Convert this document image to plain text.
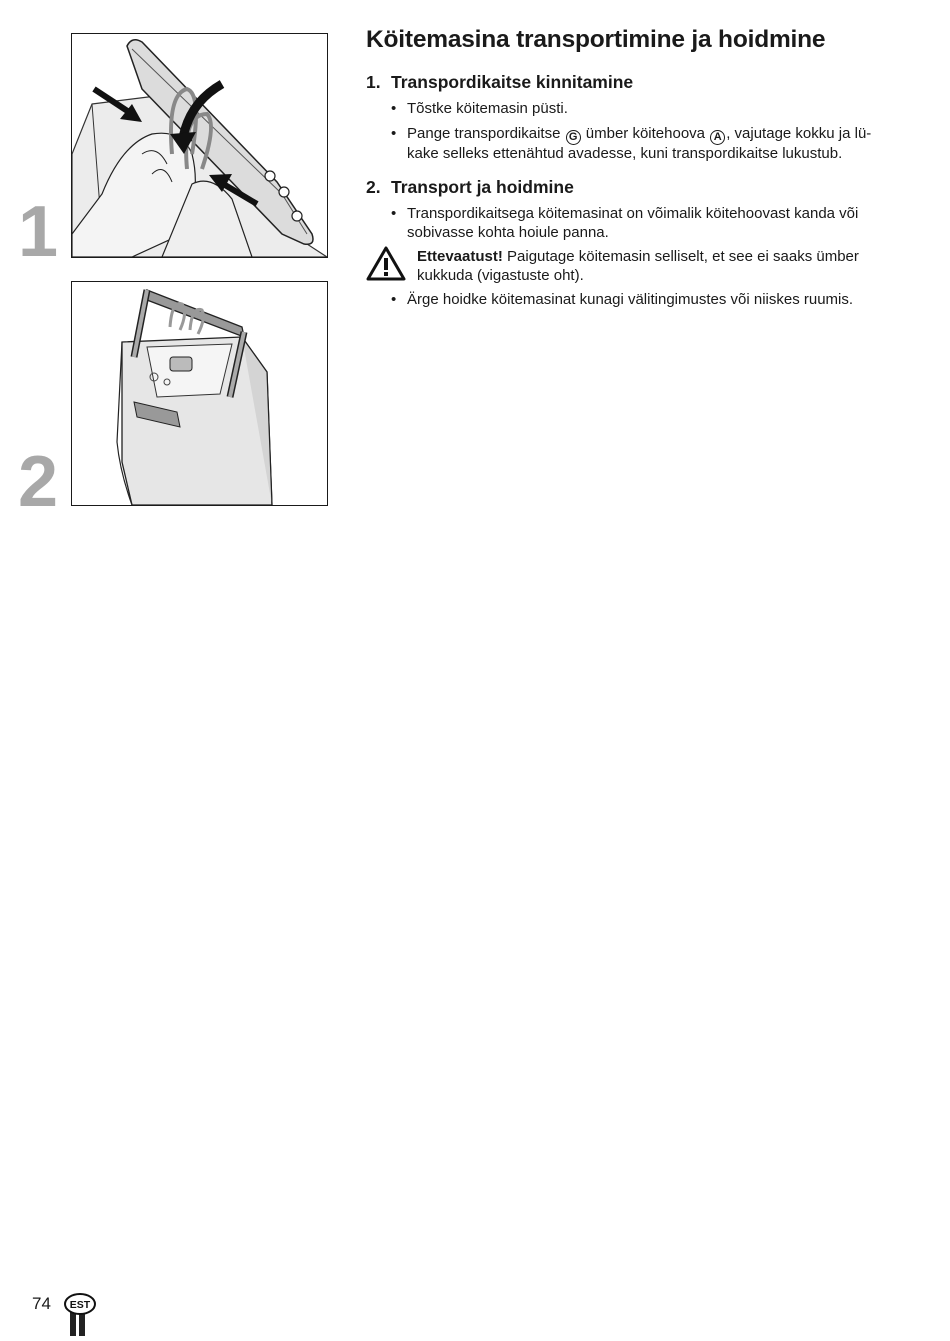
1
2
Köitemasina transportimine ja hoidmine
1. Transpordikaitse kinnitamine
• Tõstke köitemasin püsti.
• Pange transpordikaitse G ümber köitehoova A , vajutage kokku ja lü-
kake selleks ettenähtud avadesse, kuni transpordikaitse lukustub.
2. Transport ja hoidmine
• Transpordikaitsega köitemasinat on võimalik köitehoovast kanda või
sobivasse kohta hoiule panna.
Ettevaatust! Paigutage köitemasin selliselt, et see ei saaks ümber
kukkuda (vigastuste oht).
• Ärge hoidke köitemasinat kunagi välitingimustes või niiskes ruumis.
74 EST
